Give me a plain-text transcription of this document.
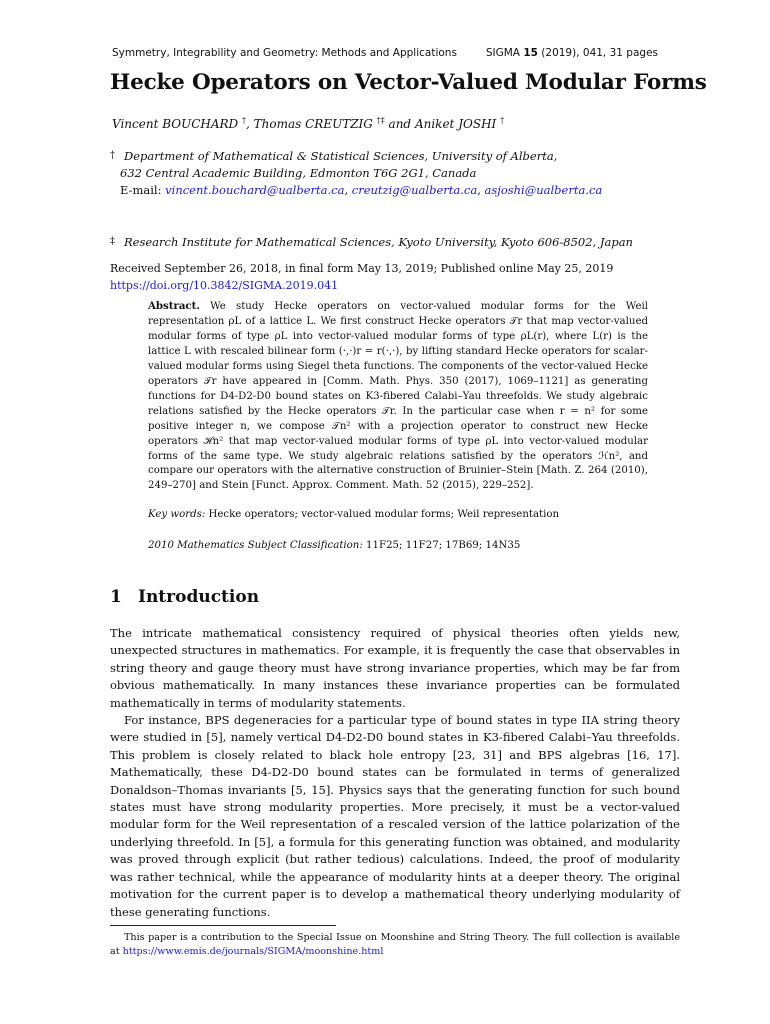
Symmetry, Integrability and Geometry: Methods and Applications	SIGMA 15 (2019), 041, 31 pages
Hecke Operators on Vector-Valued Modular Forms
Vincent BOUCHARD †, Thomas CREUTZIG †‡ and Aniket JOSHI †
† Department of Mathematical & Statistical Sciences, University of Alberta,
632 Central Academic Building, Edmonton T6G 2G1, Canada
E-mail: vincent.bouchard@ualberta.ca, creutzig@ualberta.ca, asjoshi@ualberta.ca
‡ Research Institute for Mathematical Sciences, Kyoto University, Kyoto 606-8502, Japan
Received September 26, 2018, in final form May 13, 2019; Published online May 25, 2019
https://doi.org/10.3842/SIGMA.2019.041

Abstract. We study Hecke operators on vector-valued modular forms for the Weil representation ρL of a lattice L. We first construct Hecke operators 𝒯r that map vector-valued modular forms of type ρL into vector-valued modular forms of type ρL(r), where L(r) is the lattice L with rescaled bilinear form (·,·)r = r(·,·), by lifting standard Hecke operators for scalar-valued modular forms using Siegel theta functions. The components of the vector-valued Hecke operators 𝒯r have appeared in [Comm. Math. Phys. 350 (2017), 1069–1121] as generating functions for D4-D2-D0 bound states on K3-fibered Calabi–Yau threefolds. We study algebraic relations satisfied by the Hecke operators 𝒯r. In the particular case when r = n² for some positive integer n, we compose 𝒯n² with a projection operator to construct new Hecke operators ℋn² that map vector-valued modular forms of type ρL into vector-valued modular forms of the same type. We study algebraic relations satisfied by the operators ℋn², and compare our operators with the alternative construction of Bruinier–Stein [Math. Z. 264 (2010), 249–270] and Stein [Funct. Approx. Comment. Math. 52 (2015), 229–252].

Key words: Hecke operators; vector-valued modular forms; Weil representation
2010 Mathematics Subject Classification: 11F25; 11F27; 17B69; 14N35
1 Introduction

The intricate mathematical consistency required of physical theories often yields new, unexpected structures in mathematics. For example, it is frequently the case that observables in string theory and gauge theory must have strong invariance properties, which may be far from obvious mathematically. In many instances these invariance properties can be formulated mathematically in terms of modularity statements.

For instance, BPS degeneracies for a particular type of bound states in type IIA string theory were studied in [5], namely vertical D4-D2-D0 bound states in K3-fibered Calabi–Yau threefolds. This problem is closely related to black hole entropy [23, 31] and BPS algebras [16, 17]. Mathematically, these D4-D2-D0 bound states can be formulated in terms of generalized Donaldson–Thomas invariants [5, 15]. Physics says that the generating function for such bound states must have strong modularity properties. More precisely, it must be a vector-valued modular form for the Weil representation of a rescaled version of the lattice polarization of the underlying threefold. In [5], a formula for this generating function was obtained, and modularity was proved through explicit (but rather tedious) calculations. Indeed, the proof of modularity was rather technical, while the appearance of modularity hints at a deeper theory. The original motivation for the current paper is to develop a mathematical theory underlying modularity of these generating functions.

This paper is a contribution to the Special Issue on Moonshine and String Theory. The full collection is available at https://www.emis.de/journals/SIGMA/moonshine.html
